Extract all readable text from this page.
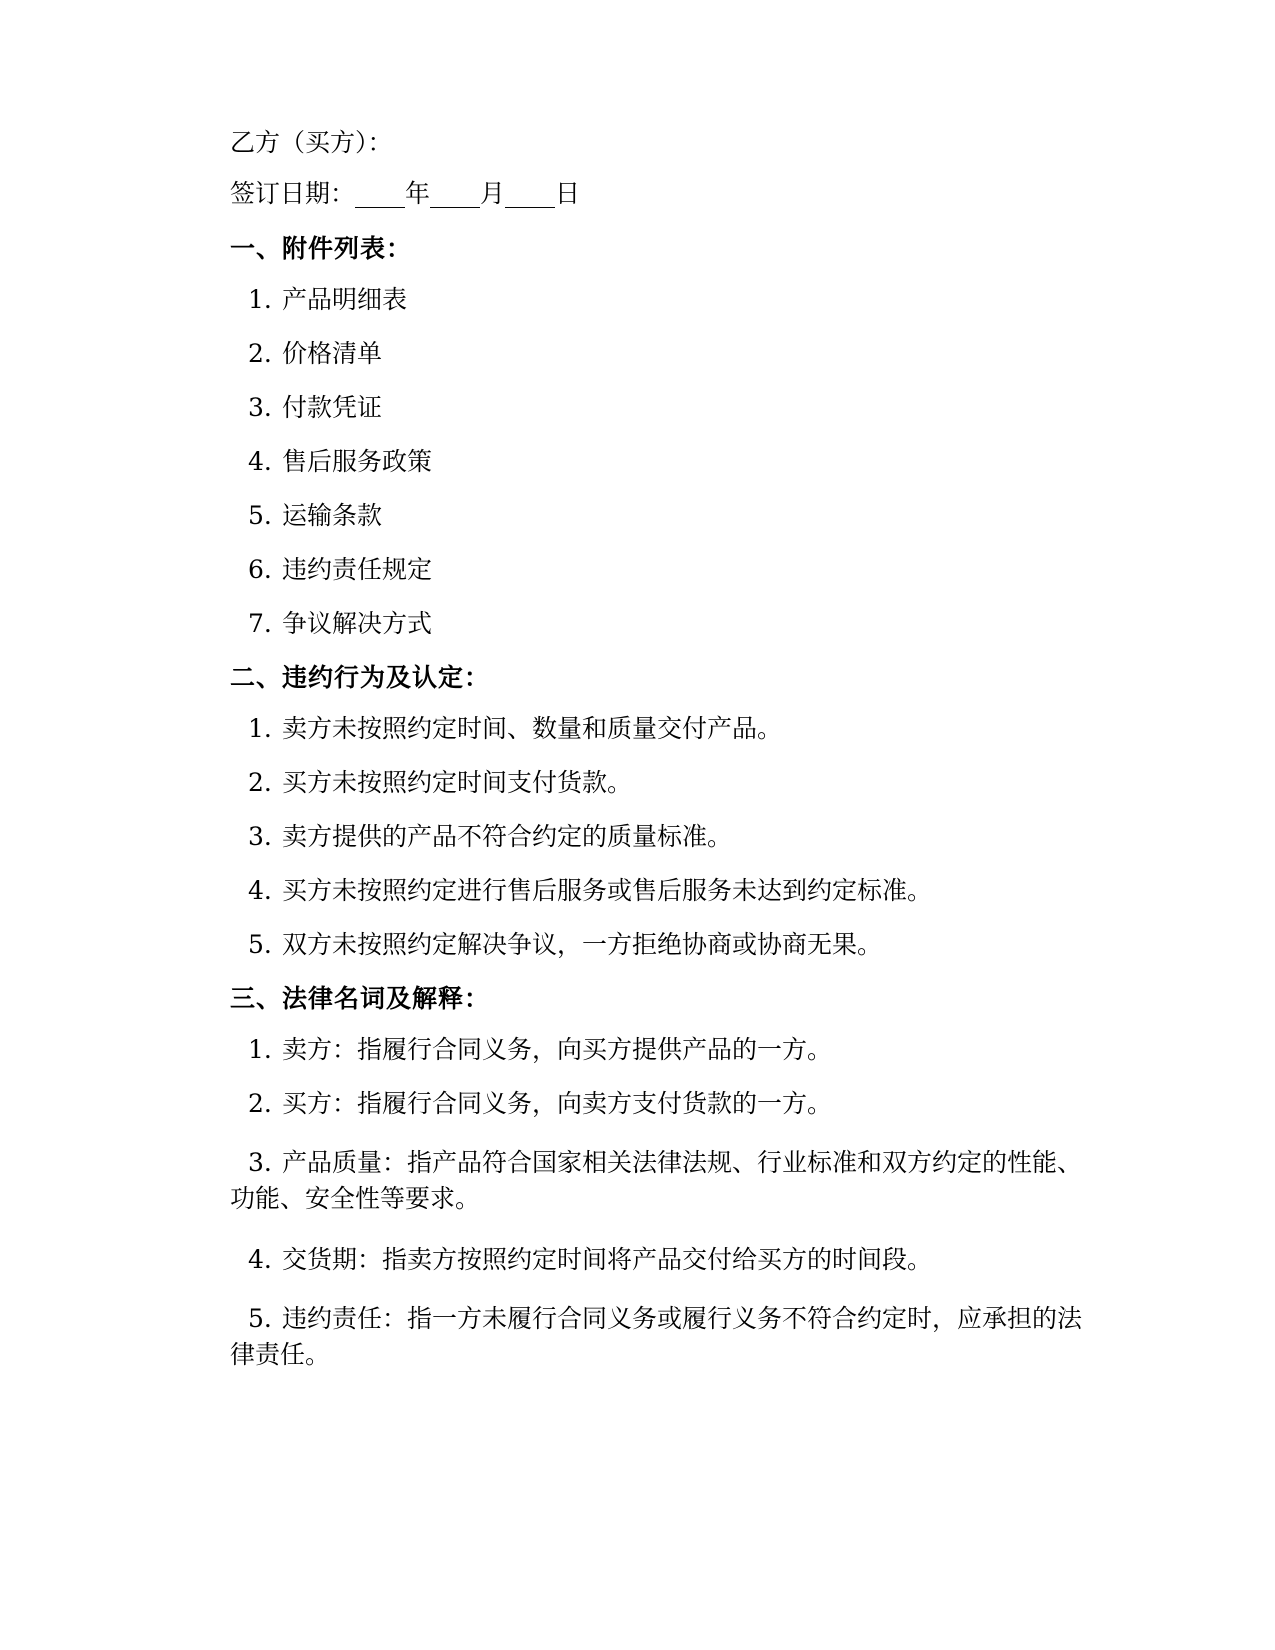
乙方（买方）：

签订日期：____年____月____日

一、附件列表：

1. 产品明细表

2. 价格清单

3. 付款凭证

4. 售后服务政策

5. 运输条款

6. 违约责任规定

7. 争议解决方式

二、违约行为及认定：

1. 卖方未按照约定时间、数量和质量交付产品。

2. 买方未按照约定时间支付货款。

3. 卖方提供的产品不符合约定的质量标准。

4. 买方未按照约定进行售后服务或售后服务未达到约定标准。

5. 双方未按照约定解决争议，一方拒绝协商或协商无果。

三、法律名词及解释：

1. 卖方：指履行合同义务，向买方提供产品的一方。

2. 买方：指履行合同义务，向卖方支付货款的一方。

3. 产品质量：指产品符合国家相关法律法规、行业标准和双方约定的性能、功能、安全性等要求。

4. 交货期：指卖方按照约定时间将产品交付给买方的时间段。

5. 违约责任：指一方未履行合同义务或履行义务不符合约定时，应承担的法律责任。
